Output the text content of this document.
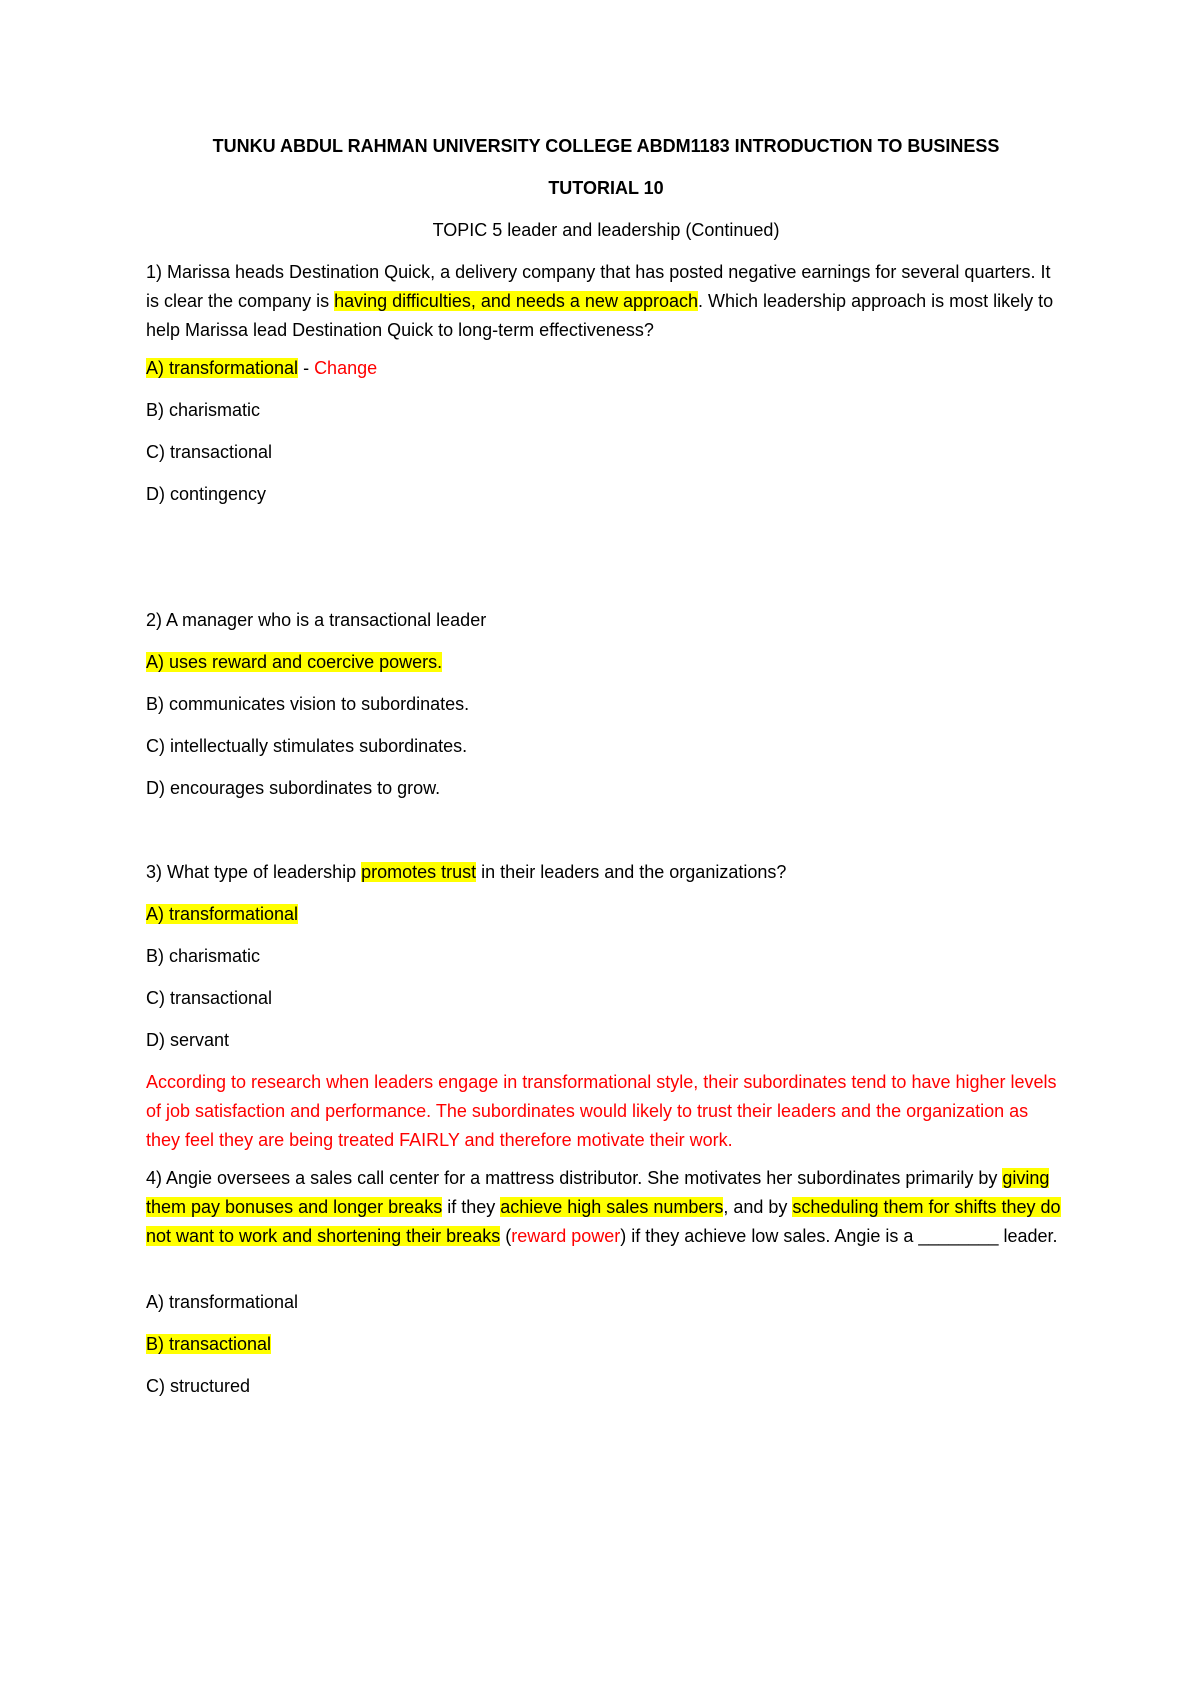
TUNKU ABDUL RAHMAN UNIVERSITY COLLEGE ABDM1183 INTRODUCTION TO BUSINESS

TUTORIAL 10

TOPIC 5 leader and leadership (Continued)

1) Marissa heads Destination Quick, a delivery company that has posted negative earnings for several quarters. It is clear the company is having difficulties, and needs a new approach. Which leadership approach is most likely to help Marissa lead Destination Quick to long-term effectiveness?

A) transformational - Change

B) charismatic

C) transactional

D) contingency

2) A manager who is a transactional leader

A) uses reward and coercive powers.

B) communicates vision to subordinates.

C) intellectually stimulates subordinates.

D) encourages subordinates to grow.

3) What type of leadership promotes trust in their leaders and the organizations?

A) transformational

B) charismatic

C) transactional

D) servant

According to research when leaders engage in transformational style, their subordinates tend to have higher levels of job satisfaction and performance. The subordinates would likely to trust their leaders and the organization as they feel they are being treated FAIRLY and therefore motivate their work.

4) Angie oversees a sales call center for a mattress distributor. She motivates her subordinates primarily by giving them pay bonuses and longer breaks if they achieve high sales numbers, and by scheduling them for shifts they do not want to work and shortening their breaks (reward power) if they achieve low sales. Angie is a ________ leader.

A) transformational

B) transactional

C) structured
